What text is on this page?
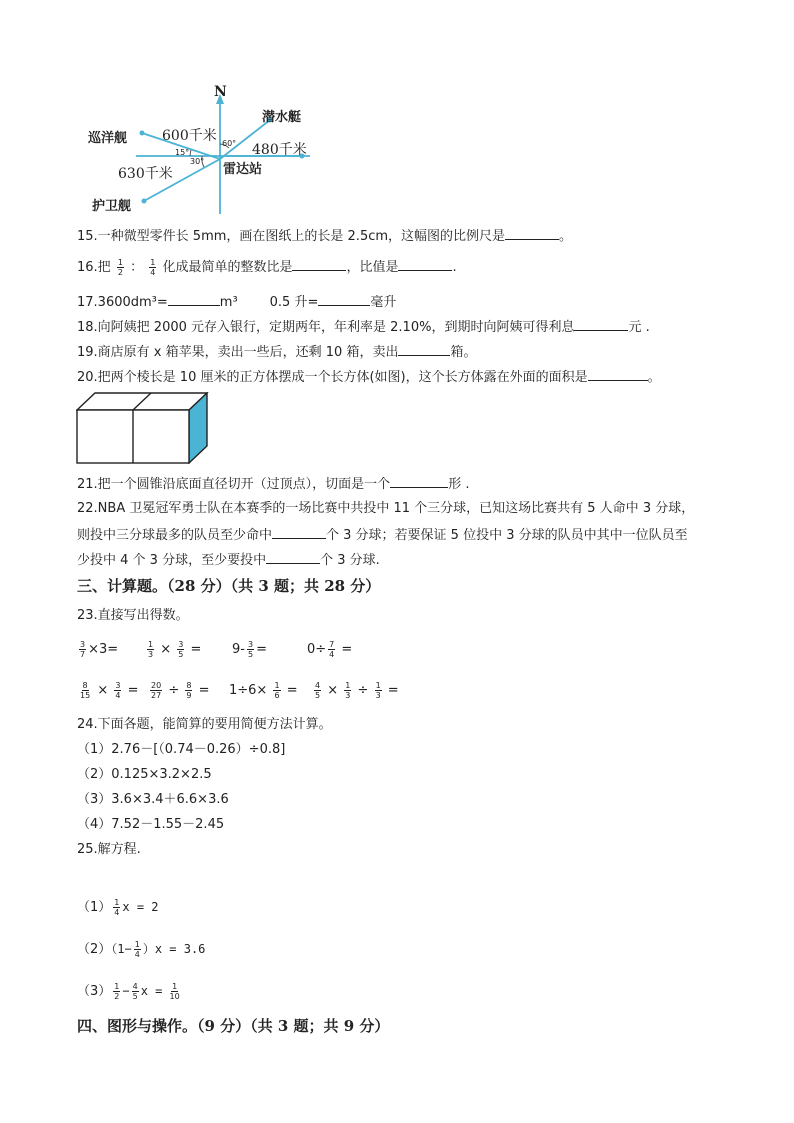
N
巡洋舰
潜水艇
护卫舰
雷达站
600千米
480千米
630千米
60°
15°
30°
15.一种微型零件长 5mm，画在图纸上的长是 2.5cm，这幅图的比例尺是	。
16.把 $\frac{1}{2}$ ： $\frac{1}{4}$ 化成最简单的整数比是	，比值是	.
17.3600dm³=	m³ 0.5 升=	毫升
18.向阿姨把 2000 元存入银行，定期两年，年利率是 2.10%，到期时向阿姨可得利息	元 .
19.商店原有 x 箱苹果，卖出一些后，还剩 10 箱，卖出	箱。
20.把两个棱长是 10 厘米的正方体摆成一个长方体(如图)，这个长方体露在外面的面积是	。
21.把一个圆锥沿底面直径切开（过顶点），切面是一个	形 .
22.NBA 卫冕冠军勇士队在本赛季的一场比赛中共投中 11 个三分球，已知这场比赛共有 5 人命中 3 分球，
则投中三分球最多的队员至少命中	个 3 分球；若要保证 5 位投中 3 分球的队员中其中一位队员至
少投中 4 个 3 分球，至少要投中	个 3 分球.
三、计算题。（28 分）（共 3 题；共 28 分）
23.直接写出得数。
$\frac{3}{7} \times 3=$	$\frac{1}{3} \times \frac{3}{5} = 9- \frac{3}{5}$ =	$0\div \frac{7}{4}$ =
$\frac{8}{15} \times \frac{3}{4} = \frac{20}{27} \div \frac{8}{9} = 1\div 6\times \frac{1}{6} = \frac{4}{5} \times \frac{1}{3} \div \frac{1}{3}$ =
24.下面各题，能简算的要用简便方法计算。
（1）2.76－[（0.74－0.26）÷0.8]
（2）0.125×3.2×2.5
（3）3.6×3.4＋6.6×3.6
（4）7.52－1.55－2.45
25.解方程.
$(1) \frac{1}{4}$ x = 2
$(2)(1- \frac{1}{4} )x = 3.6$
$(3) \frac{1}{2} - \frac{4}{5}$ $x = \frac{1}{10}$
四、图形与操作。（9 分）（共 3 题；共 9 分）
